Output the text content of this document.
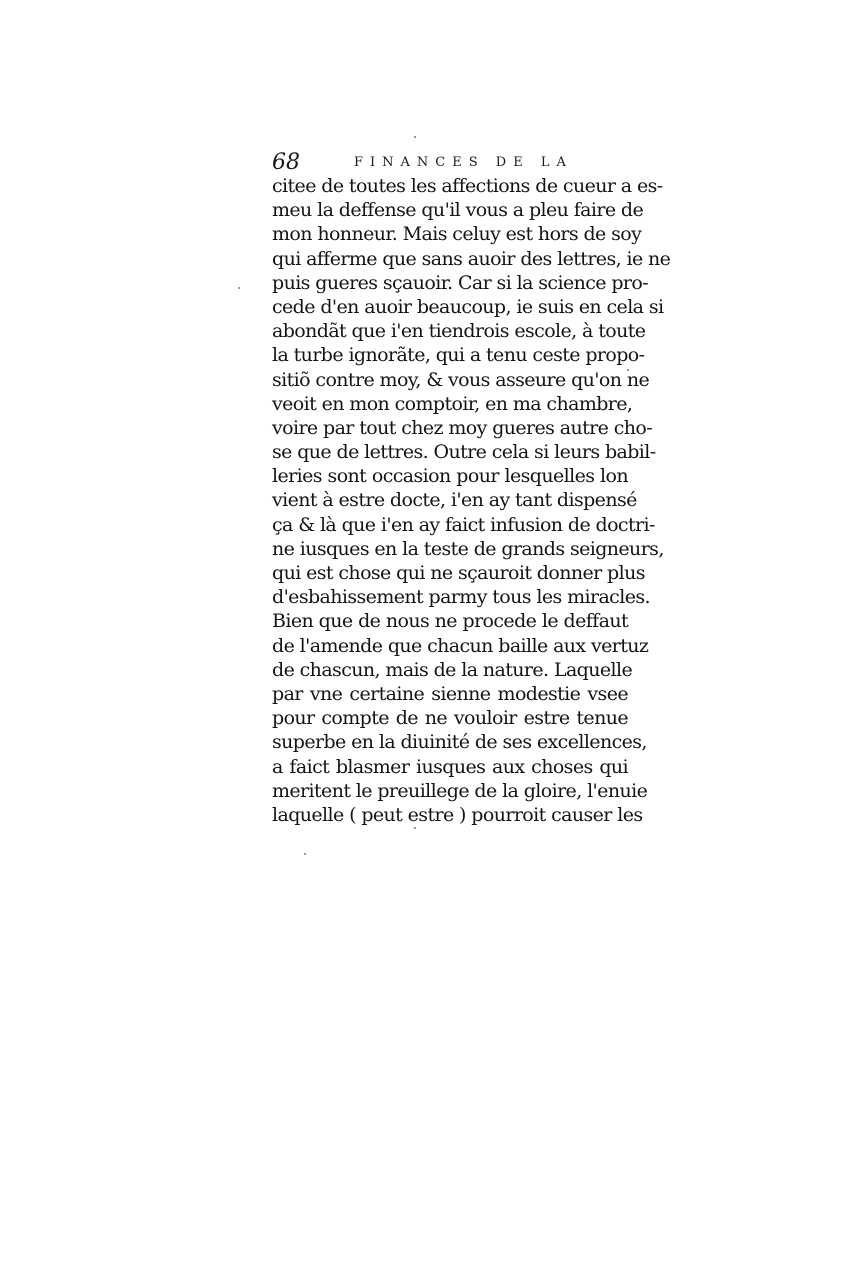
68	FINANCES DE LA
citee de toutes les affections de cueur a es-
meu la deffense qu'il vous a pleu faire de
mon honneur. Mais celuy est hors de soy
qui afferme que sans auoir des lettres, ie ne
puis gueres sçauoir. Car si la science pro-
cede d'en auoir beaucoup, ie suis en cela si
abondãt que i'en tiendrois escole, à toute
la turbe ignorãte, qui a tenu ceste propo-
sitiõ contre moy, & vous asseure qu'on ne
veoit en mon comptoir, en ma chambre,
voire par tout chez moy gueres autre cho-
se que de lettres. Outre cela si leurs babil-
leries sont occasion pour lesquelles lon
vient à estre docte, i'en ay tant dispensé
ça & là que i'en ay faict infusion de doctri-
ne iusques en la teste de grands seigneurs,
qui est chose qui ne sçauroit donner plus
d'esbahissement parmy tous les miracles.
Bien que de nous ne procede le deffaut
de l'amende que chacun baille aux vertuz
de chascun, mais de la nature. Laquelle
par vne certaine sienne modestie vsee
pour compte de ne vouloir estre tenue
superbe en la diuinité de ses excellences,
a faict blasmer iusques aux choses qui
meritent le preuillege de la gloire, l'enuie
laquelle ( peut estre ) pourroit causer les
